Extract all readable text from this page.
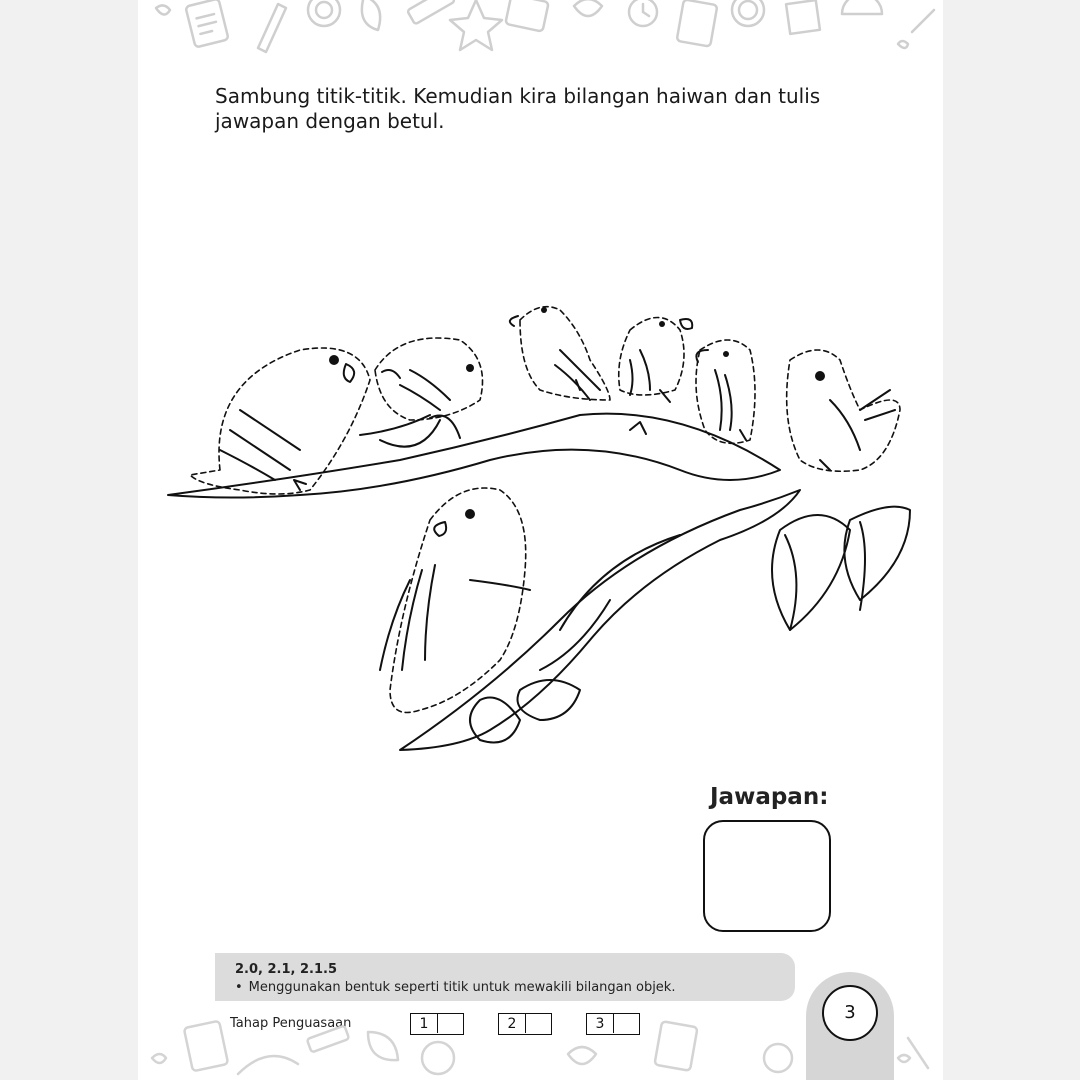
Sambung titik-titik. Kemudian kira bilangan haiwan dan tulis jawapan dengan betul.

Jawapan:
2.0, 2.1, 2.1.5
• Menggunakan bentuk seperti titik untuk mewakili bilangan objek.
3
Tahap Penguasaan	1	2	3
